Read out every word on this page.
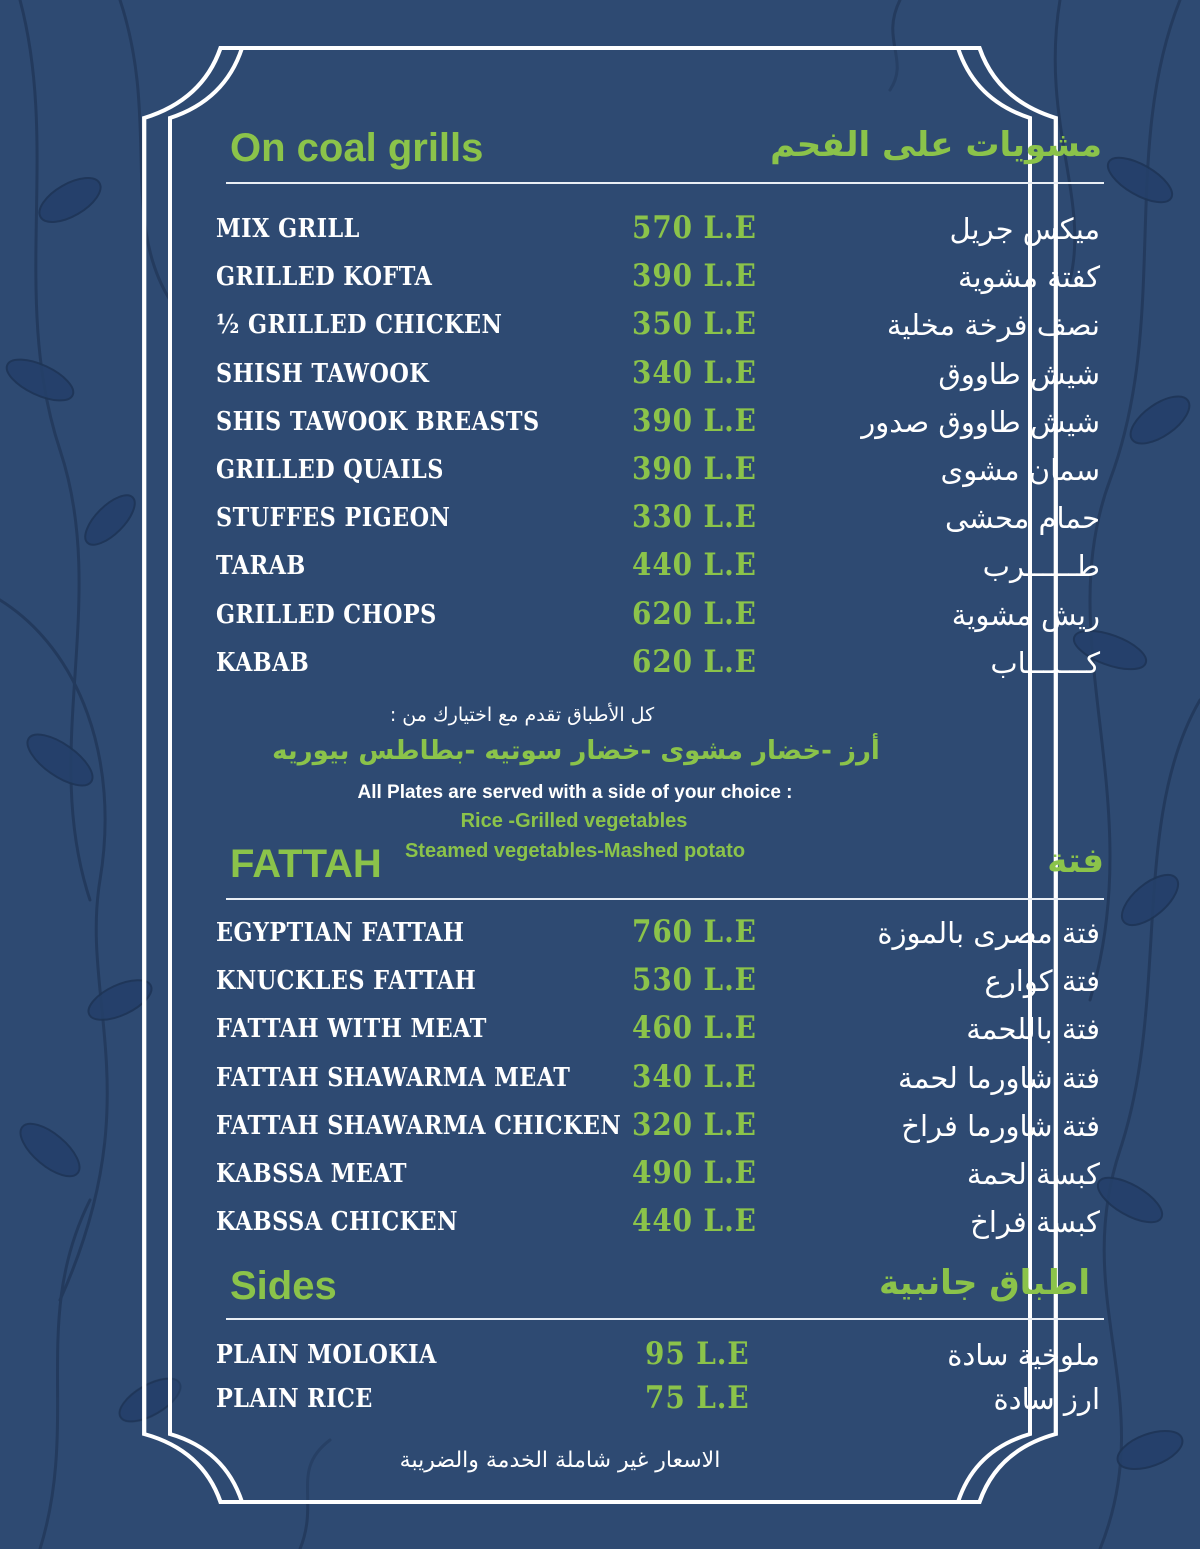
On coal grills	مشويات على الفحم
MIX GRILL	570 L.E	ميكس جريل
GRILLED KOFTA	390 L.E	كفتة مشوية
½ GRILLED CHICKEN	350 L.E	نصف فرخة مخلية
SHISH TAWOOK	340 L.E	شيش طاووق
SHIS TAWOOK BREASTS	390 L.E	شيش طاووق صدور
GRILLED QUAILS	390 L.E	سمان مشوى
STUFFES PIGEON	330 L.E	حمام محشى
TARAB	440 L.E	طــــــرب
GRILLED CHOPS	620 L.E	ريش مشوية
KABAB	620 L.E	كـــبـــاب
كل الأطباق تقدم مع اختيارك من :
أرز -خضار مشوى -خضار سوتيه -بطاطس بيوريه
All Plates are served with a side of your choice :
Rice -Grilled vegetables
Steamed vegetables-Mashed potato
FATTAH	فتة
EGYPTIAN FATTAH	760 L.E	فتة مصرى بالموزة
KNUCKLES FATTAH	530 L.E	فتة كوارع
FATTAH WITH MEAT	460 L.E	فتة باللحمة
FATTAH SHAWARMA MEAT 340 L.E	فتة شاورما لحمة
FATTAH SHAWARMA CHICKEN 320 L.E	فتة شاورما فراخ
KABSSA MEAT	490 L.E	كبسة لحمة
KABSSA CHICKEN	440 L.E	كبسة فراخ
Sides	اطباق جانبية
PLAIN MOLOKIA	95 L.E	ملوخية سادة
PLAIN RICE	75 L.E	ارز سادة
الاسعار غير شاملة الخدمة والضريبة
